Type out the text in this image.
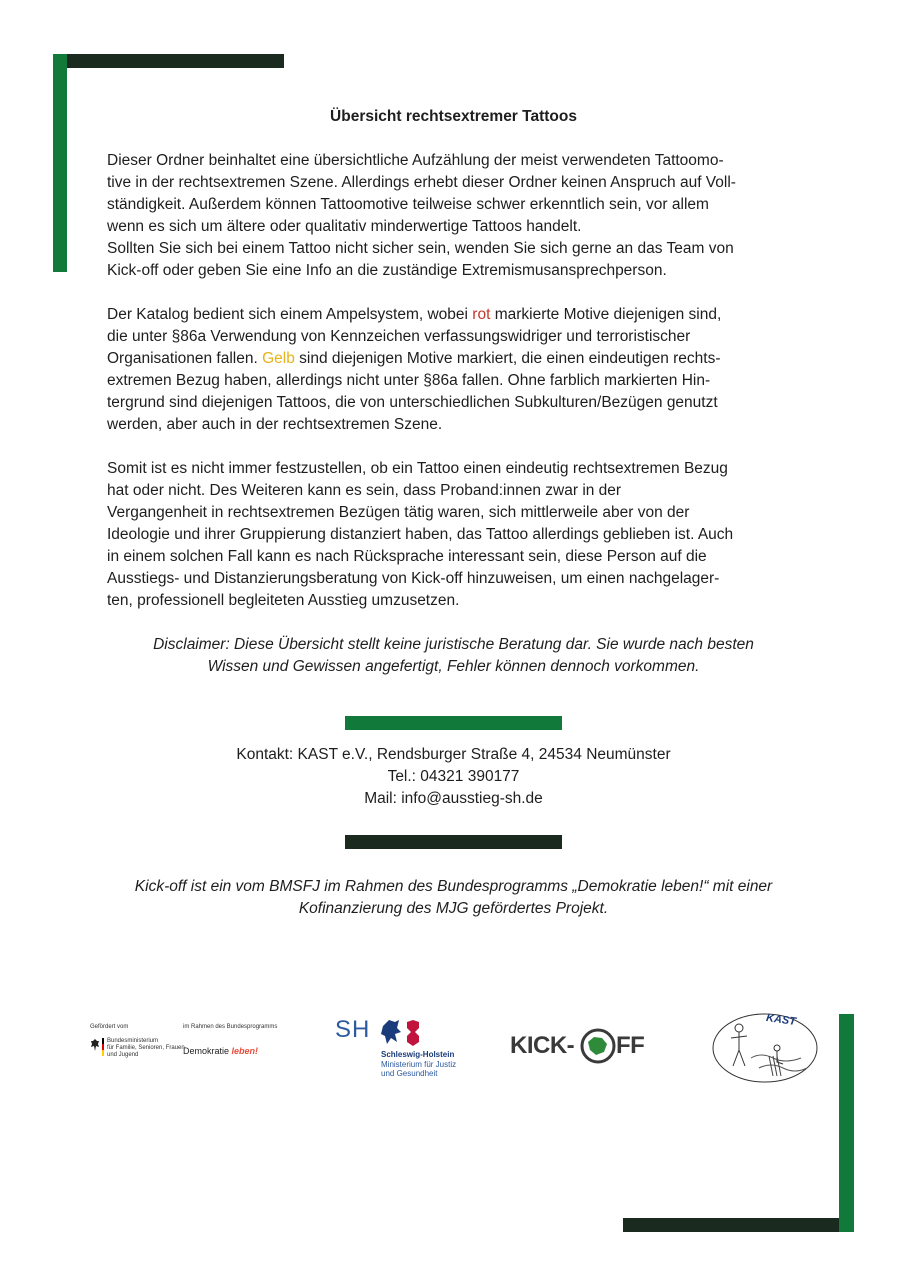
Übersicht rechtsextremer Tattoos

Dieser Ordner beinhaltet eine übersichtliche Aufzählung der meist verwendeten Tattoomo-
tive in der rechtsextremen Szene. Allerdings erhebt dieser Ordner keinen Anspruch auf Voll-
ständigkeit. Außerdem können Tattoomotive teilweise schwer erkenntlich sein, vor allem
wenn es sich um ältere oder qualitativ minderwertige Tattoos handelt.
Sollten Sie sich bei einem Tattoo nicht sicher sein, wenden Sie sich gerne an das Team von
Kick-off oder geben Sie eine Info an die zuständige Extremismusansprechperson.

Der Katalog bedient sich einem Ampelsystem, wobei rot markierte Motive diejenigen sind,
die unter §86a Verwendung von Kennzeichen verfassungswidriger und terroristischer
Organisationen fallen. Gelb sind diejenigen Motive markiert, die einen eindeutigen rechts-
extremen Bezug haben, allerdings nicht unter §86a fallen. Ohne farblich markierten Hin-
tergrund sind diejenigen Tattoos, die von unterschiedlichen Subkulturen/Bezügen genutzt
werden, aber auch in der rechtsextremen Szene.

Somit ist es nicht immer festzustellen, ob ein Tattoo einen eindeutig rechtsextremen Bezug
hat oder nicht. Des Weiteren kann es sein, dass Proband:innen zwar in der
Vergangenheit in rechtsextremen Bezügen tätig waren, sich mittlerweile aber von der
Ideologie und ihrer Gruppierung distanziert haben, das Tattoo allerdings geblieben ist. Auch
in einem solchen Fall kann es nach Rücksprache interessant sein, diese Person auf die
Ausstiegs- und Distanzierungsberatung von Kick-off hinzuweisen, um einen nachgelager-
ten, professionell begleiteten Ausstieg umzusetzen.

Disclaimer: Diese Übersicht stellt keine juristische Beratung dar. Sie wurde nach besten
Wissen und Gewissen angefertigt, Fehler können dennoch vorkommen.
Kontakt: KAST e.V., Rendsburger Straße 4, 24534 Neumünster
Tel.: 04321 390177
Mail: info@ausstieg-sh.de
Kick-off ist ein vom BMSFJ im Rahmen des Bundesprogramms „Demokratie leben!“ mit einer
Kofinanzierung des MJG gefördertes Projekt.
Gefördert vom	im Rahmen des Bundesprogramms
Bundesministerium
für Familie, Senioren, Frauen
und Jugend	Demokratie leben!
SH
Schleswig-Holstein
Ministerium für Justiz
und Gesundheit
KICK- FF
KAST
